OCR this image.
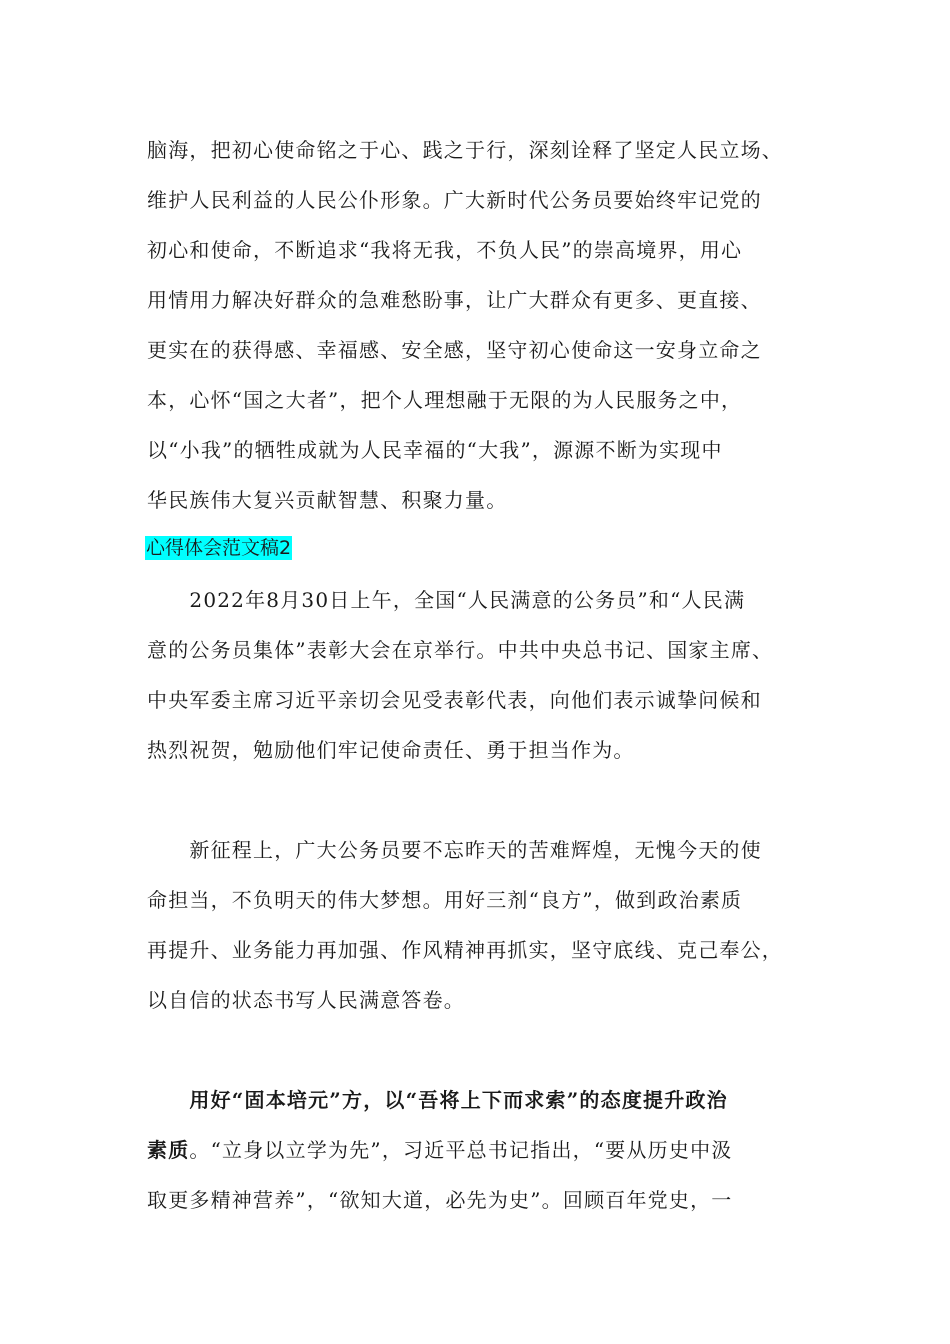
脑海，把初心使命铭之于心、践之于行，深刻诠释了坚定人民立场、
维护人民利益的人民公仆形象。广大新时代公务员要始终牢记党的
初心和使命，不断追求“我将无我，不负人民”的崇高境界，用心
用情用力解决好群众的急难愁盼事，让广大群众有更多、更直接、
更实在的获得感、幸福感、安全感，坚守初心使命这一安身立命之
本，心怀“国之大者”，把个人理想融于无限的为人民服务之中，
以“小我”的牺牲成就为人民幸福的“大我”，源源不断为实现中
华民族伟大复兴贡献智慧、积聚力量。
心得体会范文稿2
　　2022年8月30日上午，全国“人民满意的公务员”和“人民满
意的公务员集体”表彰大会在京举行。中共中央总书记、国家主席、
中央军委主席习近平亲切会见受表彰代表，向他们表示诚挚问候和
热烈祝贺，勉励他们牢记使命责任、勇于担当作为。
　　新征程上，广大公务员要不忘昨天的苦难辉煌，无愧今天的使
命担当，不负明天的伟大梦想。用好三剂“良方”，做到政治素质
再提升、业务能力再加强、作风精神再抓实，坚守底线、克己奉公，
以自信的状态书写人民满意答卷。
　　用好“固本培元”方，以“吾将上下而求索”的态度提升政治
素质。“立身以立学为先”，习近平总书记指出，“要从历史中汲
取更多精神营养”，“欲知大道，必先为史”。回顾百年党史，一
